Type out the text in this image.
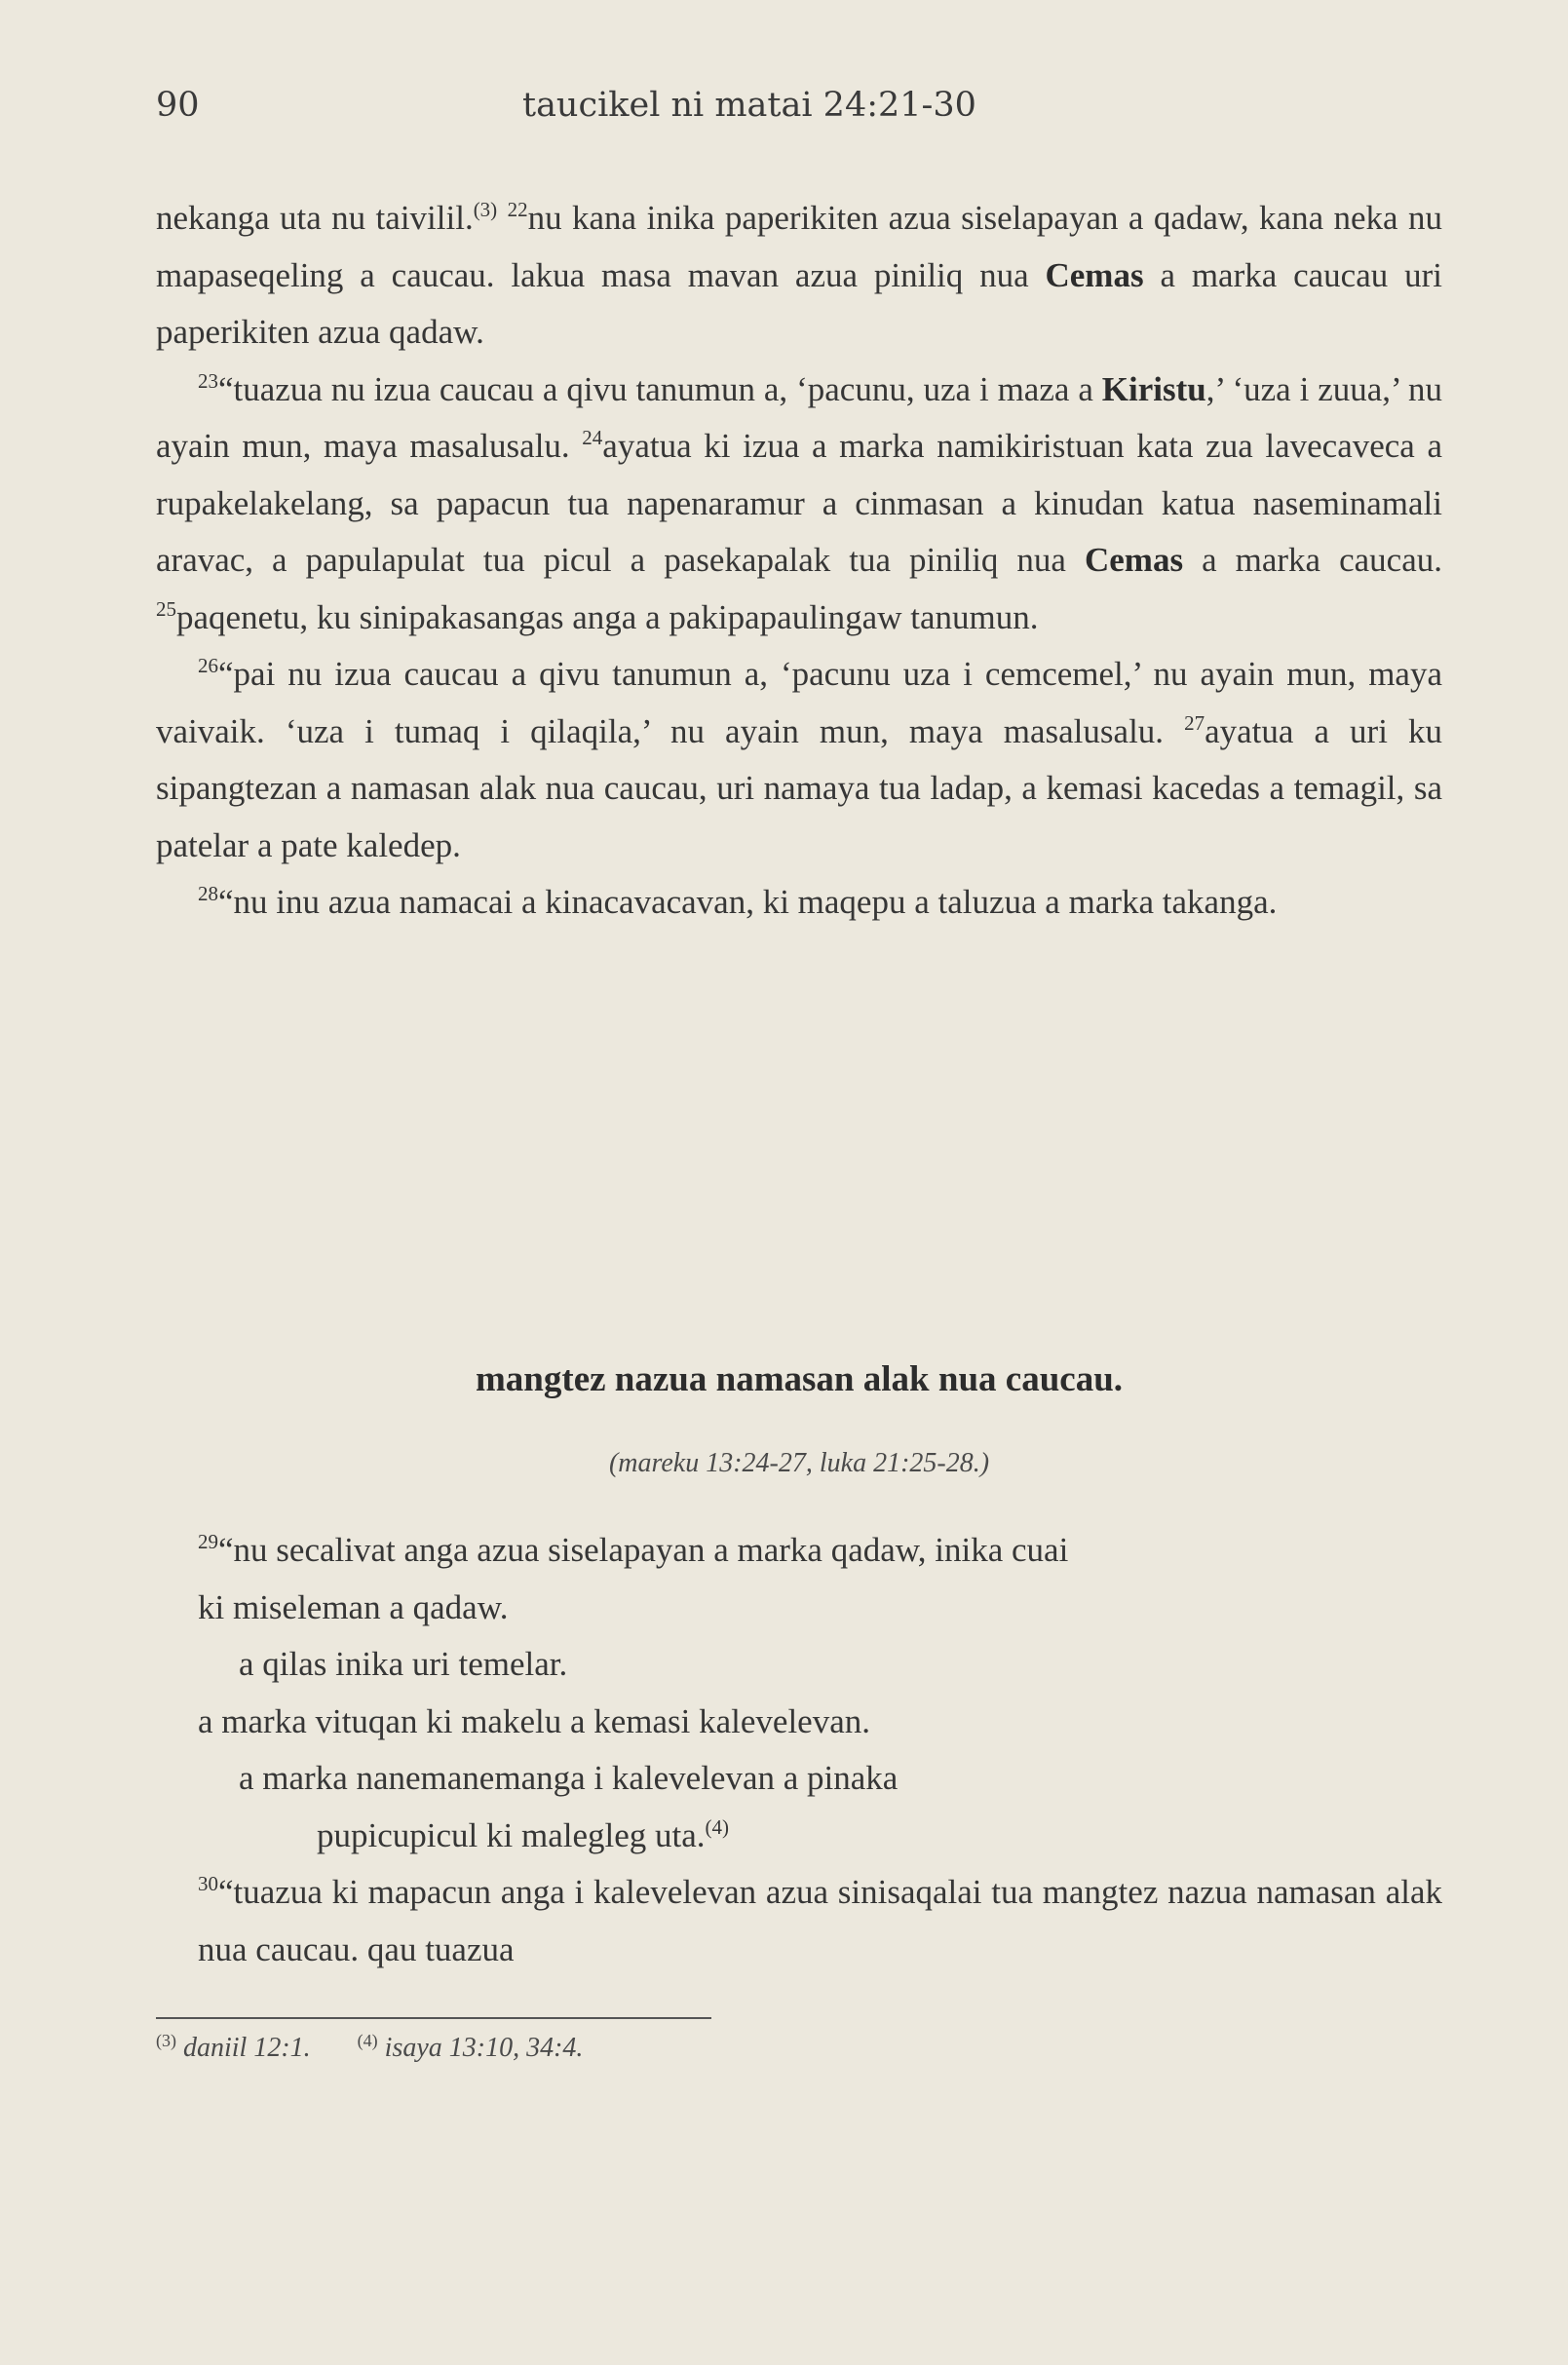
90	taucikel ni matai 24:21-30

nekanga uta nu taivilil.$^{(3)}$ $^{22}$nu kana inika paperikiten azua siselapayan a qadaw, kana neka nu mapaseqeling a caucau. lakua masa mavan azua piniliq nua Cemas a marka caucau uri paperikiten azua qadaw.

$^{23}$“tuazua nu izua caucau a qivu tanumun a, ‘pacunu, uza i maza a Kiristu,’ ‘uza i zuua,’ nu ayain mun, maya masalusalu. $^{24}$ayatua ki izua a marka namikiristuan kata zua lavecaveca a rupakelakelang, sa papacun tua napenaramur a cinmasan a kinudan katua naseminamali aravac, a papulapulat tua picul a pasekapalak tua piniliq nua Cemas a marka caucau. $^{25}$paqenetu, ku sinipakasangas anga a pakipapaulingaw tanumun.

$^{26}$“pai nu izua caucau a qivu tanumun a, ‘pacunu uza i cemcemel,’ nu ayain mun, maya vaivaik. ‘uza i tumaq i qilaqila,’ nu ayain mun, maya masalusalu. $^{27}$ayatua a uri ku sipangtezan a namasan alak nua caucau, uri namaya tua ladap, a kemasi kacedas a temagil, sa patelar a pate kaledep.

$^{28}$“nu inu azua namacai a kinacavacavan, ki maqepu a taluzua a marka takanga.

mangtez nazua namasan alak nua caucau.
(mareku 13:24-27, luka 21:25-28.)
$^{29}$“nu secalivat anga azua siselapayan a marka qadaw, inika cuai
ki miseleman a qadaw.
a qilas inika uri temelar.
a marka vituqan ki makelu a kemasi kalevelevan.
a marka nanemanemanga i kalevelevan a pinaka
pupicupicul ki malegleg uta.$^{(4)}$
$^{30}$“tuazua ki mapacun anga i kalevelevan azua sinisaqalai tua mangtez nazua namasan alak nua caucau. qau tuazua
$^{(3)}$ daniil 12:1.	$^{(4)}$ isaya 13:10, 34:4.
